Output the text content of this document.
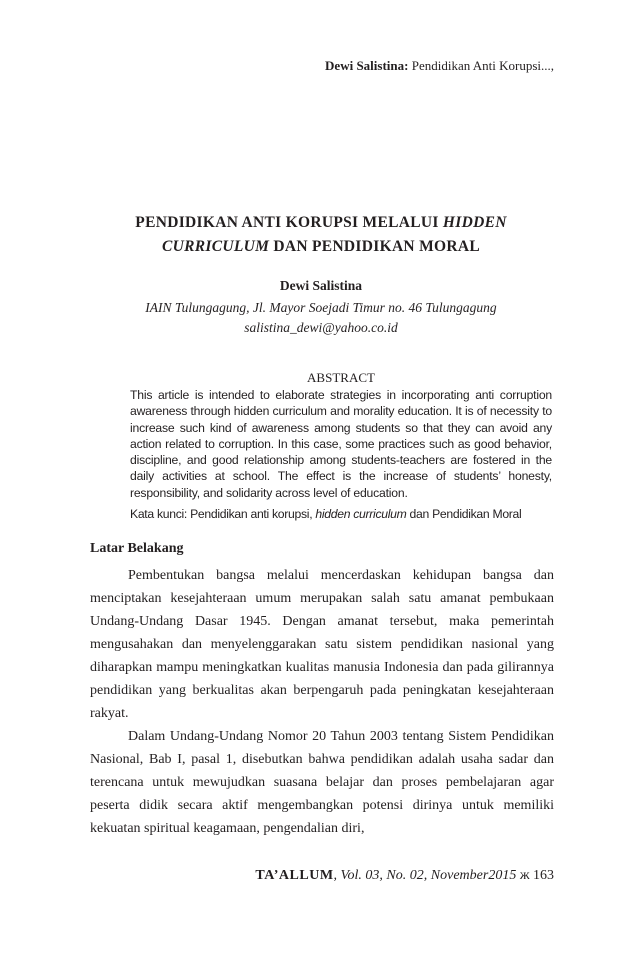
Dewi Salistina: Pendidikan Anti Korupsi...,
PENDIDIKAN ANTI KORUPSI MELALUI HIDDEN
CURRICULUM DAN PENDIDIKAN MORAL
Dewi Salistina
IAIN Tulungagung, Jl. Mayor Soejadi Timur no. 46 Tulungagung
salistina_dewi@yahoo.co.id
ABSTRACT
This article is intended to elaborate strategies in incorporating anti corruption awareness through hidden curriculum and morality education. It is of necessity to increase such kind of awareness among students so that they can avoid any action related to corruption. In this case, some practices such as good behavior, discipline, and good relationship among students-teachers are fostered in the daily activities at school. The effect is the increase of students’ honesty, responsibility, and solidarity across level of education.
Kata kunci: Pendidikan anti korupsi, hidden curriculum dan Pendidikan Moral
Latar Belakang

Pembentukan bangsa melalui mencerdaskan kehidupan bangsa dan menciptakan kesejahteraan umum merupakan salah satu amanat pembukaan Undang-Undang Dasar 1945. Dengan amanat tersebut, maka pemerintah mengusahakan dan menyelenggarakan satu sistem pendidikan nasional yang diharapkan mampu meningkatkan kualitas manusia Indonesia dan pada gilirannya pendidikan yang berkualitas akan berpengaruh pada peningkatan kesejahteraan rakyat.

Dalam Undang-Undang Nomor 20 Tahun 2003 tentang Sistem Pendidikan Nasional, Bab I, pasal 1, disebutkan bahwa pendidikan adalah usaha sadar dan terencana untuk mewujudkan suasana belajar dan proses pembelajaran agar peserta didik secara aktif mengembangkan potensi dirinya untuk memiliki kekuatan spiritual keagamaan, pengendalian diri,

TA’ALLUM, Vol. 03, No. 02, November2015 ж 163
